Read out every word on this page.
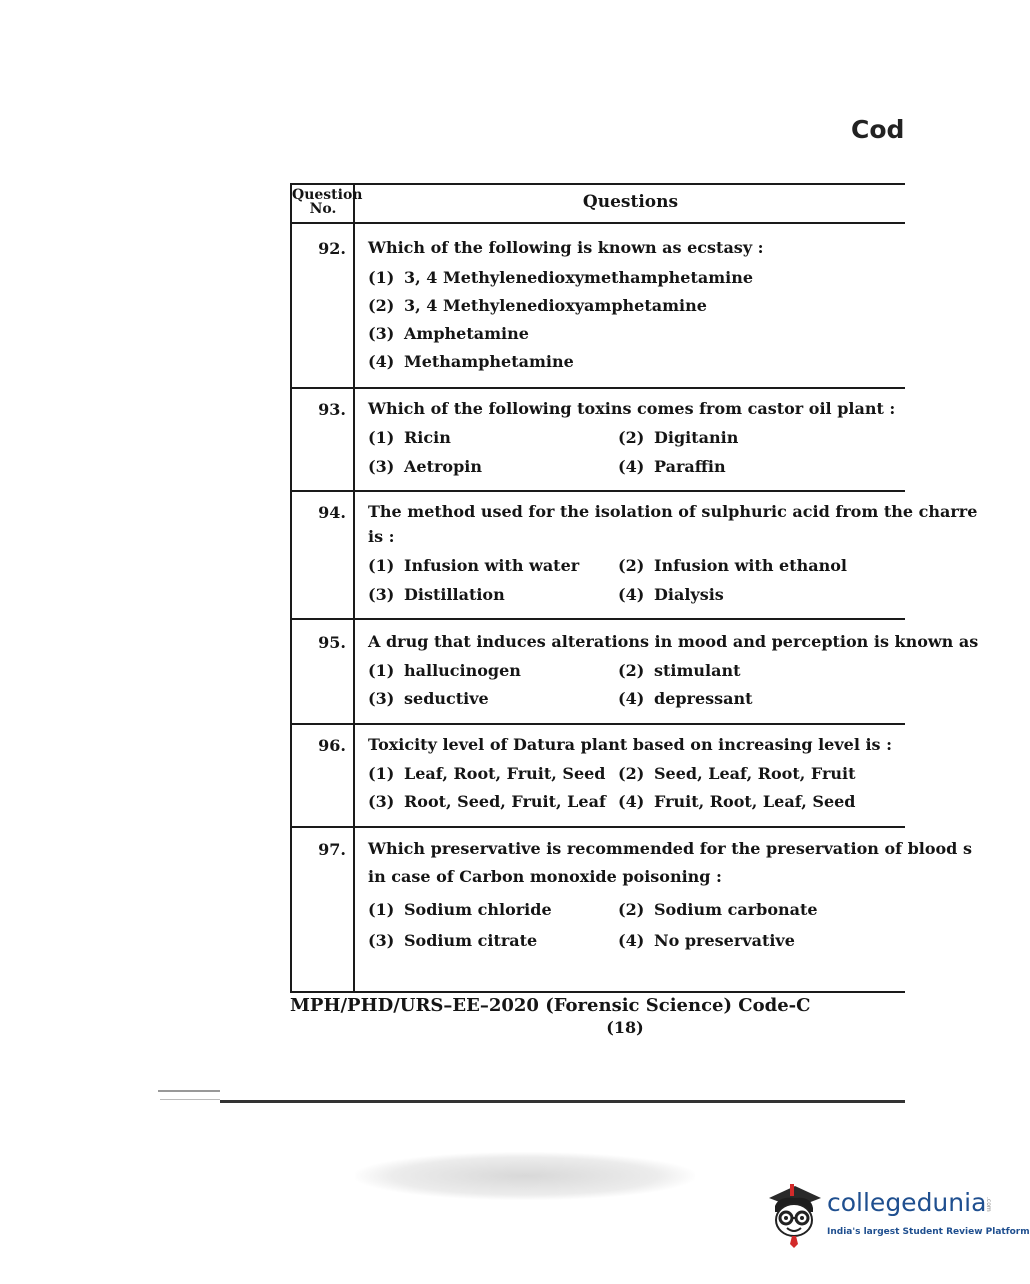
Cod
Question
No.	Questions
92. Which of the following is known as ecstasy :
(1) 3, 4 Methylenedioxymethamphetamine
(2) 3, 4 Methylenedioxyamphetamine
(3) Amphetamine
(4) Methamphetamine
93. Which of the following toxins comes from castor oil plant :
(1) Ricin	(2) Digitanin
(3) Aetropin	(4) Paraffin
94. The method used for the isolation of sulphuric acid from the charre
is :
(1) Infusion with water (2) Infusion with ethanol
(3) Distillation	(4) Dialysis
95. A drug that induces alterations in mood and perception is known as
(1) hallucinogen	(2) stimulant
(3) seductive	(4) depressant
96. Toxicity level of Datura plant based on increasing level is :
(1) Leaf, Root, Fruit, Seed (2) Seed, Leaf, Root, Fruit
(3) Root, Seed, Fruit, Leaf (4) Fruit, Root, Leaf, Seed
97. Which preservative is recommended for the preservation of blood s
in case of Carbon monoxide poisoning :
(1) Sodium chloride	(2) Sodium carbonate
(3) Sodium citrate	(4) No preservative
MPH/PHD/URS–EE–2020 (Forensic Science) Code-C
(18)
collegedunia
.com
India's largest Student Review Platform
